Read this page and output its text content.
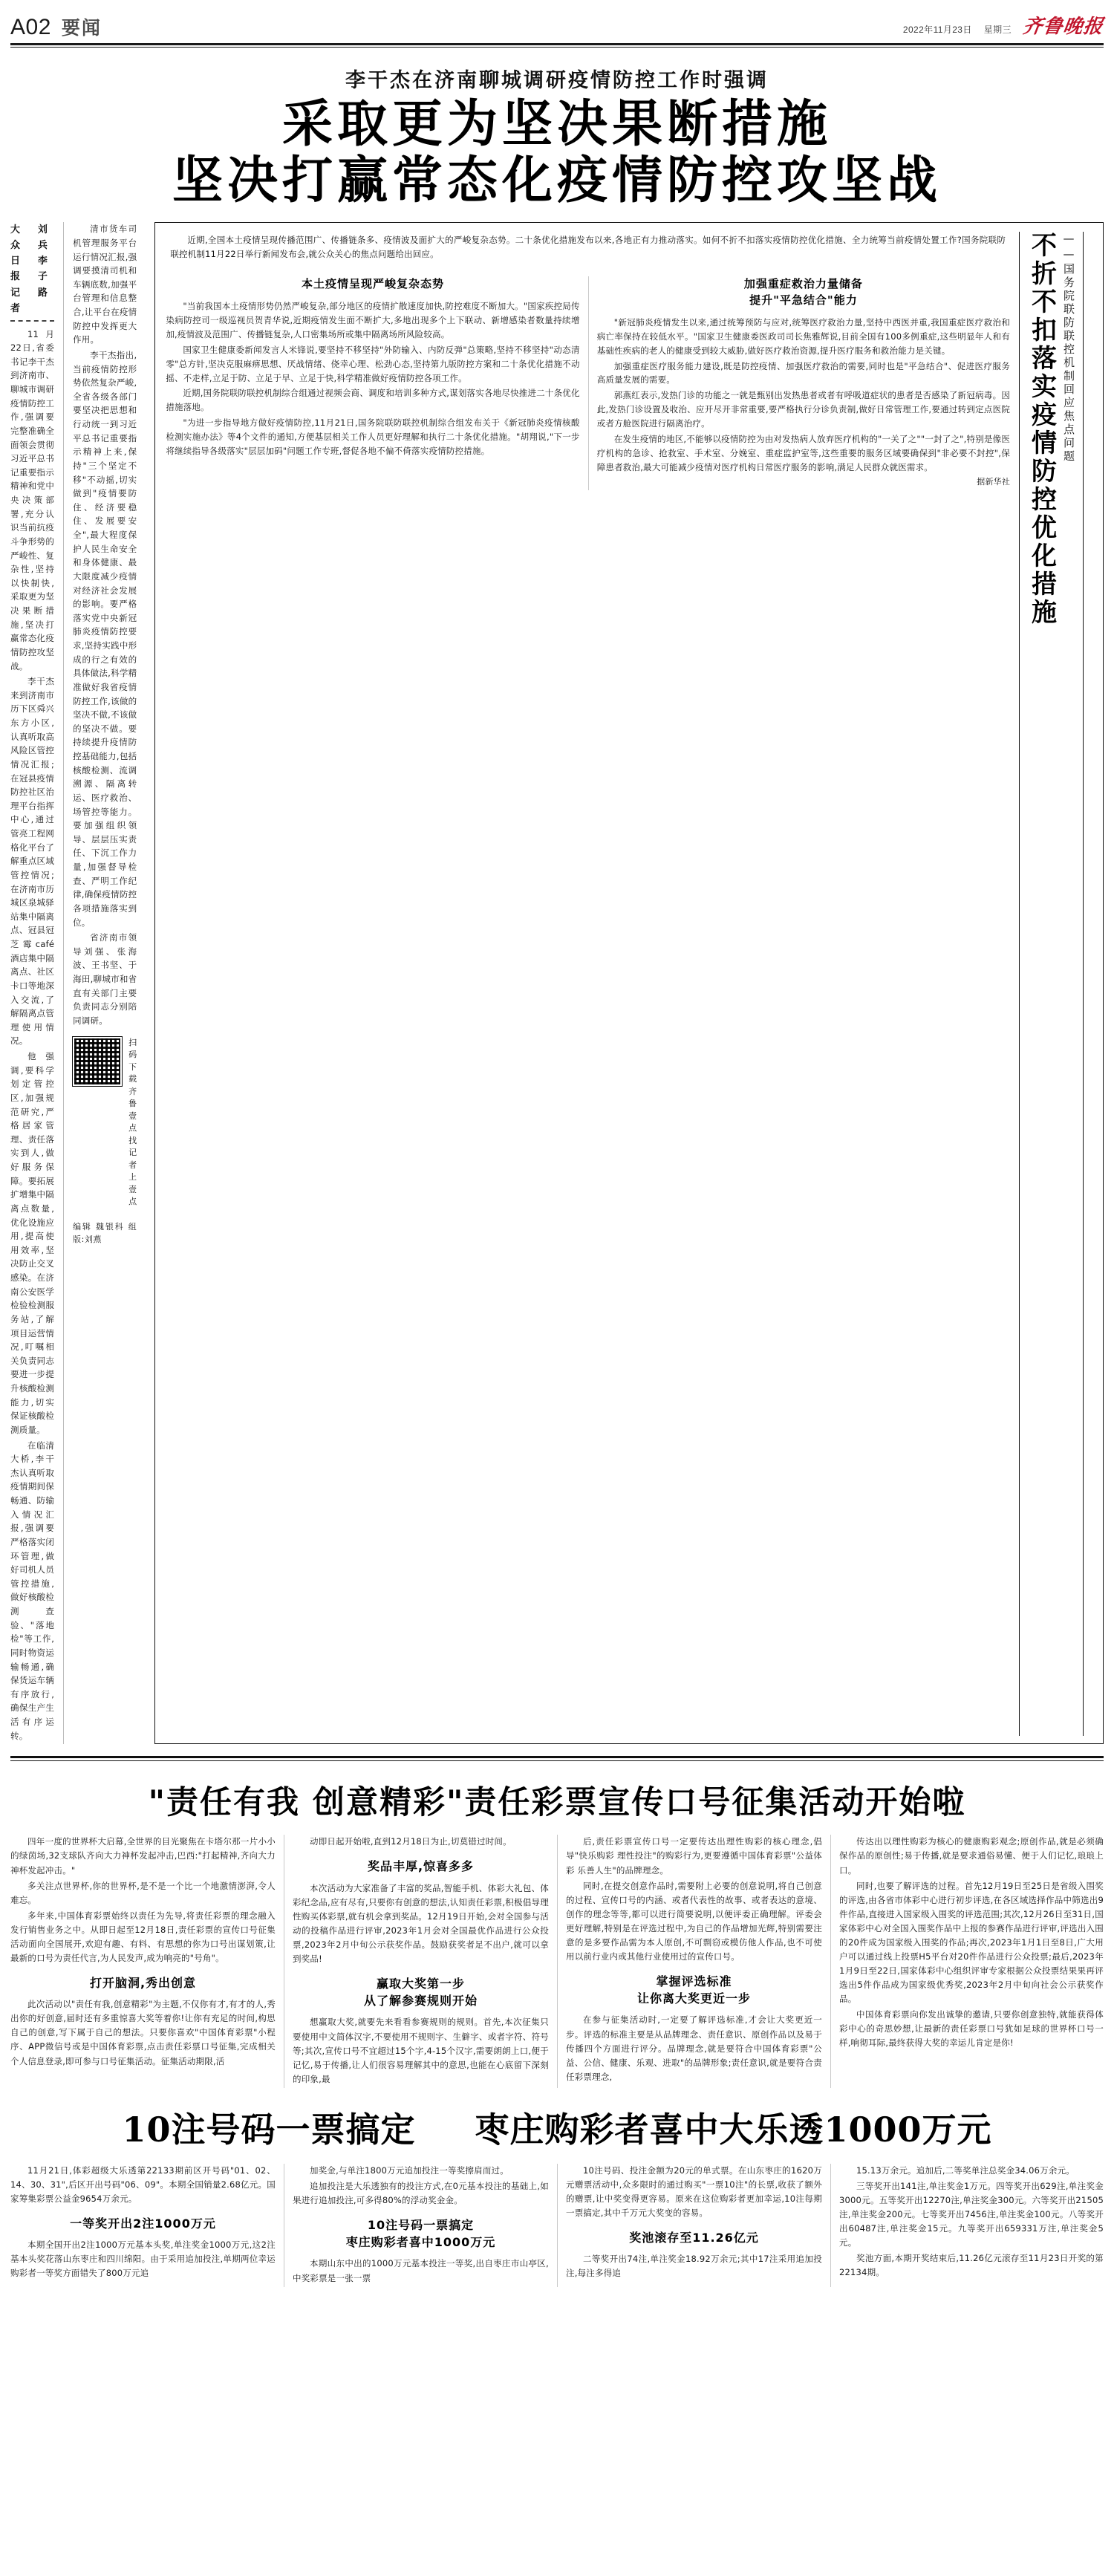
A02 要闻	2022年11月23日 星期三 齐鲁晚报
李干杰在济南聊城调研疫情防控工作时强调
采取更为坚决果断措施
坚决打赢常态化疫情防控攻坚战
大众日报记者
刘兵 李子路

11月22日,省委书记李干杰到济南市、聊城市调研疫情防控工作,强调要完整准确全面领会贯彻习近平总书记重要指示精神和党中央决策部署,充分认识当前抗疫斗争形势的严峻性、复杂性,坚持以快制快,采取更为坚决果断措施,坚决打赢常态化疫情防控攻坚战。

李干杰来到济南市历下区舜兴东方小区,认真听取高风险区管控情况汇报;在冠县疫情防控社区治理平台指挥中心,通过管亮工程网格化平台了解重点区域管控情况;在济南市历城区泉城驿站集中隔离点、冠县冠芝霉café酒店集中隔离点、社区卡口等地深入交流,了解隔离点管理使用情况。

他强调,要科学划定管控区,加强规范研究,严格居家管理、责任落实到人,做好服务保障。要拓展扩增集中隔离点数量,优化设施应用,提高使用效率,坚决防止交叉感染。在济南公安医学检验检测服务站,了解项目运营情况,叮嘱相关负责同志要进一步提升核酸检测能力,切实保证核酸检测质量。

在临清大桥,李干杰认真听取疫情期间保畅通、防输入情况汇报,强调要严格落实闭环管理,做好司机人员管控措施,做好核酸检测查验、"落地检"等工作,同时物资运输畅通,确保货运车辆有序放行,确保生产生活有序运转。

清市货车司机管理服务平台运行情况汇报,强调要摸清司机和车辆底数,加强平台管理和信息整合,让平台在疫情防控中发挥更大作用。

李干杰指出,当前疫情防控形势依然复杂严峻,全省各级各部门要坚决把思想和行动统一到习近平总书记重要指示精神上来,保持"三个坚定不移"不动摇,切实做到"疫情要防住、经济要稳住、发展要安全",最大程度保护人民生命安全和身体健康、最大限度减少疫情对经济社会发展的影响。要严格落实党中央新冠肺炎疫情防控要求,坚持实践中形成的行之有效的具体做法,科学精准做好我省疫情防控工作,该做的坚决不做,不该做的坚决不做。要持续提升疫情防控基础能力,包括核酸检测、流调溯源、隔离转运、医疗救治、场管控等能力。要加强组织领导、层层压实责任、下沉工作力量,加强督导检查、严明工作纪律,确保疫情防控各项措施落实到位。

省济南市领导刘强、张海波、王书坚、于海田,聊城市和省直有关部门主要负责同志分别陪同调研。

扫码下载齐鲁壹点
找记者 上壹点
编辑 魏银科 组版:刘燕
不折不扣落实疫情防控优化措施 ——国务院联防联控机制回应焦点问题

近期,全国本土疫情呈现传播范围广、传播链条多、疫情波及面扩大的严峻复杂态势。二十条优化措施发布以来,各地正有力推动落实。如何不折不扣落实疫情防控优化措施、全力统筹当前疫情处置工作?国务院联防联控机制11月22日举行新闻发布会,就公众关心的焦点问题给出回应。

本土疫情呈现严峻复杂态势

"当前我国本土疫情形势仍然严峻复杂,部分地区的疫情扩散速度加快,防控难度不断加大。"国家疾控局传染病防控司一级巡视员贺青华说,近期疫情发生面不断扩大,多地出现多个上下联动、新增感染者数量持续增加,疫情波及范围广、传播链复杂,人口密集场所或集中隔离场所风险较高。

国家卫生健康委新闻发言人米锋说,要坚持不移坚持"外防输入、内防反弹"总策略,坚持不移坚持"动态清零"总方针,坚决克服麻痹思想、厌战情绪、侥幸心理、松劲心态,坚持第九版防控方案和二十条优化措施不动摇、不走样,立足于防、立足于早、立足于快,科学精准做好疫情防控各项工作。

近期,国务院联防联控机制综合组通过视频会商、调度和培训多种方式,谋划落实各地尽快推进二十条优化措施落地。

"为进一步指导地方做好疫情防控,11月21日,国务院联防联控机制综合组发布关于《新冠肺炎疫情核酸检测实施办法》等4个文件的通知,方便基层相关工作人员更好理解和执行二十条优化措施。"胡翔说,"下一步将继续指导各级落实"层层加码"问题工作专班,督促各地不偏不倚落实疫情防控措施。

加强重症救治力量储备
提升"平急结合"能力

"新冠肺炎疫情发生以来,通过统筹预防与应对,统筹医疗救治力量,坚持中西医并重,我国重症医疗救治和病亡率保持在较低水平。"国家卫生健康委医政司司长焦雅辉说,目前全国有100多例重症,这些明显年人和有基础性疾病的老人的健康受到较大威胁,做好医疗救治资源,提升医疗服务和救治能力是关键。

加强重症医疗服务能力建设,既是防控疫情、加强医疗救治的需要,同时也是"平急结合"、促进医疗服务高质量发展的需要。

郭燕红表示,发热门诊的功能之一就是甄别出发热患者或者有呼吸道症状的患者是否感染了新冠病毒。因此,发热门诊设置及收治、应开尽开非常重要,要严格执行分诊负责制,做好日常管理工作,要通过转到定点医院或者方舱医院进行隔离治疗。

在发生疫情的地区,不能够以疫情防控为由对发热病人放弃医疗机构的"一关了之""一封了之",特别是像医疗机构的急诊、抢救室、手术室、分娩室、重症监护室等,这些重要的服务区域要确保到"非必要不封控",保障患者救治,最大可能减少疫情对医疗机构日常医疗服务的影响,满足人民群众就医需求。

据新华社

"责任有我 创意精彩"责任彩票宣传口号征集活动开始啦

四年一度的世界杯大启幕,全世界的目光聚焦在卡塔尔那一片小小的绿茵场,32支球队齐向大力神杯发起冲击,巴西:"打起精神,齐向大力神杯发起冲击。"

多关注点世界杯,你的世界杯,是不是一个比一个地激情澎湃,令人难忘。

多年来,中国体育彩票始终以责任为先导,将责任彩票的理念融入发行销售业务之中。从即日起至12月18日,责任彩票的宣传口号征集活动面向全国展开,欢迎有趣、有料、有思想的你为口号出谋划策,让最新的口号为责任代言,为人民发声,成为响亮的"号角"。

打开脑洞,秀出创意

此次活动以"责任有我,创意精彩"为主题,不仅你有才,有才的人,秀出你的好创意,届时还有多重惊喜大奖等着你!让你有充足的时间,构思自己的创意,写下属于自己的想法。只要你喜欢"中国体育彩票"小程序、APP微信号或是中国体育彩票,点击责任彩票口号征集,完成相关个人信息登录,即可参与口号征集活动。征集活动期限,活

动即日起开始啦,直到12月18日为止,切莫错过时间。

奖品丰厚,惊喜多多

本次活动为大家准备了丰富的奖品,智能手机、体彩大礼包、体彩纪念品,应有尽有,只要你有创意的想法,认知责任彩票,积极倡导理性购买体彩票,就有机会拿到奖品。12月19日开始,会对全国参与活动的投稿作品进行评审,2023年1月会对全国最优作品进行公众投票,2023年2月中旬公示获奖作品。鼓励获奖者足不出户,就可以拿到奖品!

赢取大奖第一步
从了解参赛规则开始

想赢取大奖,就要先来看看参赛规则的规则。首先,本次征集只要使用中文简体汉字,不要使用不规则字、生僻字、或者字符、符号等;其次,宣传口号不宜超过15个字,4-15个汉字,需要朗朗上口,便于记忆,易于传播,让人们很容易理解其中的意思,也能在心底留下深刻的印象,最

后,责任彩票宣传口号一定要传达出理性购彩的核心理念,倡导"快乐购彩 理性投注"的购彩行为,更要遵循中国体育彩票"公益体彩 乐善人生"的品牌理念。

同时,在提交创意作品时,需要附上必要的创意说明,将自己创意的过程、宣传口号的内涵、或者代表性的故事、或者表达的意境、创作的理念等等,都可以进行简要说明,以便评委正确理解。评委会更好理解,特别是在评选过程中,为自己的作品增加光辉,特别需要注意的是多要作品需为本人原创,不可剽窃或模仿他人作品,也不可使用以前行业内或其他行业使用过的宣传口号。

掌握评选标准
让你离大奖更近一步

在参与征集活动时,一定要了解评选标准,才会让大奖更近一步。评选的标准主要是从品牌理念、责任意识、原创作品以及易于传播四个方面进行评分。品牌理念,就是要符合中国体育彩票"公益、公信、健康、乐观、进取"的品牌形象;责任意识,就是要符合责任彩票理念,

传达出以理性购彩为核心的健康购彩观念;原创作品,就是必须确保作品的原创性;易于传播,就是要求通俗易懂、便于人们记忆,琅琅上口。

同时,也要了解评选的过程。首先12月19日至25日是省级入围奖的评选,由各省市体彩中心进行初步评选,在各区域选择作品中筛选出9件作品,直接进入国家级入围奖的评选范围;其次,12月26日至31日,国家体彩中心对全国入围奖作品中上报的参赛作品进行评审,评选出入围的20件成为国家级入围奖的作品;再次,2023年1月1日至8日,广大用户可以通过线上投票H5平台对20件作品进行公众投票;最后,2023年1月9日至22日,国家体彩中心组织评审专家根据公众投票结果果再评选出5件作品成为国家级优秀奖,2023年2月中旬向社会公示获奖作品。

中国体育彩票向你发出诚挚的邀请,只要你创意独特,就能获得体彩中心的奇思妙想,让最新的责任彩票口号犹如足球的世界杯口号一样,响彻耳际,最终获得大奖的幸运儿肯定是你!

10注号码一票搞定 枣庄购彩者喜中大乐透1000万元

11月21日,体彩超级大乐透第22133期前区开号码"01、02、14、30、31",后区开出号码"06、09"。本期全国销量2.68亿元。国家筹集彩票公益金9654万余元。

一等奖开出2注1000万元

本期全国开出2注1000万元基本头奖,单注奖金1000万元,这2注基本头奖花落山东枣庄和四川绵阳。由于采用追加投注,单期两位幸运购彩者一等奖方面错失了800万元追

加奖金,与单注1800万元追加投注一等奖擦肩而过。

追加投注是大乐透独有的投注方式,在0元基本投注的基础上,如果进行追加投注,可多得80%的浮动奖金金。

10注号码一票搞定
枣庄购彩者喜中1000万元

本期山东中出的1000万元基本投注一等奖,出自枣庄市山亭区,中奖彩票是一张一票

10注号码、投注金额为20元的单式票。在山东枣庄的1620万元赠票活动中,众多限时的通过购买"一票10注"的长票,收获了额外的赠票,让中奖变得更容易。原来在这位购彩者更加幸运,10注每期一票搞定,其中千万元大奖变的容易。

奖池滚存至11.26亿元

二等奖开出74注,单注奖金18.92万余元;其中17注采用追加投注,每注多得追

15.13万余元。追加后,二等奖单注总奖金34.06万余元。

三等奖开出141注,单注奖金1万元。四等奖开出629注,单注奖金3000元。五等奖开出12270注,单注奖金300元。六等奖开出21505注,单注奖金200元。七等奖开出7456注,单注奖金100元。八等奖开出60487注,单注奖金15元。九等奖开出659331万注,单注奖金5元。

奖池方面,本期开奖结束后,11.26亿元滚存至11月23日开奖的第22134期。
